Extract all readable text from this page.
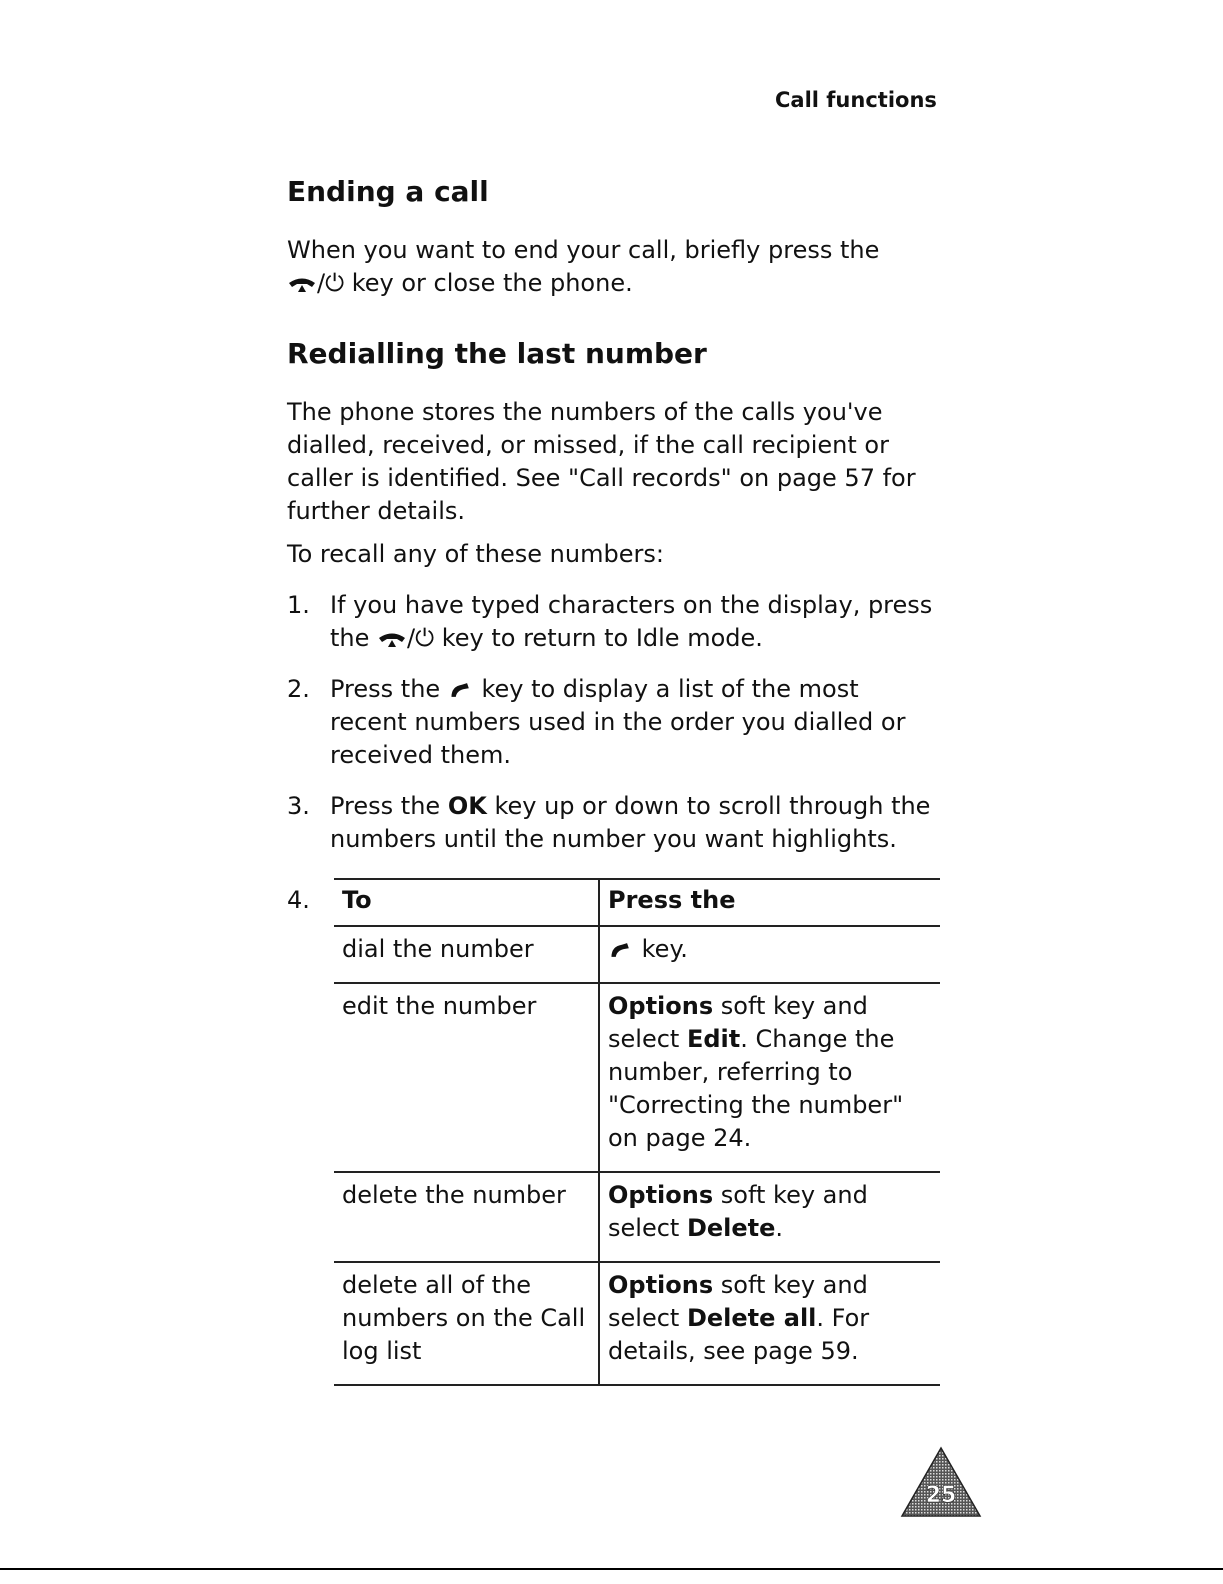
Call functions
Ending a call

When you want to end your call, briefly press the
/⏻ key or close the phone.

Redialling the last number

The phone stores the numbers of the calls you've dialled, received, or missed, if the call recipient or caller is identified. See "Call records" on page 57 for further details.

To recall any of these numbers:

1. If you have typed characters on the display, press the /⏻ key to return to Idle mode.
2. Press the  key to display a list of the most recent numbers used in the order you dialled or received them.
3. Press the OK key up or down to scroll through the numbers until the number you want highlights.
4. To	Press the
dial the number	key.
edit the number	Options soft key and select Edit. Change the number, referring to "Correcting the number" on page 24.
delete the number	Options soft key and select Delete.
delete all of the numbers on the Call log list	Options soft key and select Delete all. For details, see page 59.
25
